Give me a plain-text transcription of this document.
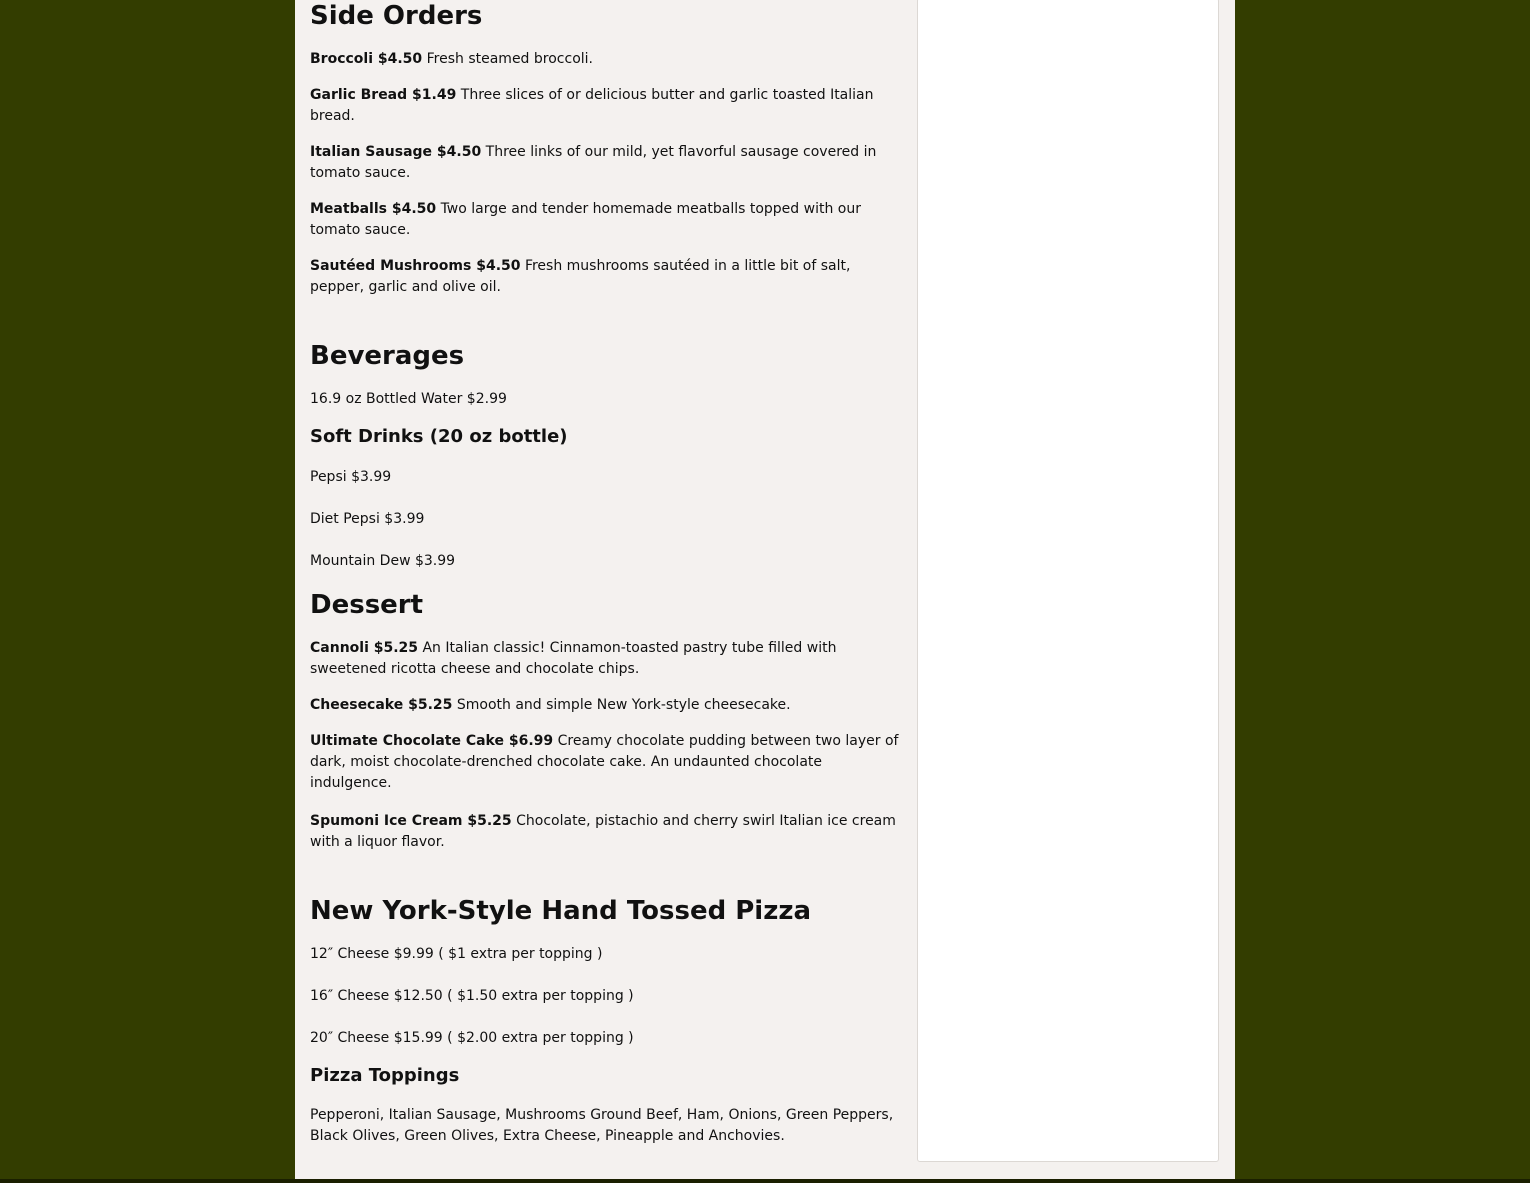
Side Orders

Broccoli $4.50 Fresh steamed broccoli.

Garlic Bread $1.49 Three slices of or delicious butter and garlic toasted Italian bread.

Italian Sausage $4.50 Three links of our mild, yet flavorful sausage covered in tomato sauce.

Meatballs $4.50 Two large and tender homemade meatballs topped with our tomato sauce.

Sautéed Mushrooms $4.50 Fresh mushrooms sautéed in a little bit of salt, pepper, garlic and olive oil.

Beverages

16.9 oz Bottled Water $2.99

Soft Drinks (20 oz bottle)

Pepsi $3.99

Diet Pepsi $3.99

Mountain Dew $3.99

Dessert

Cannoli $5.25 An Italian classic! Cinnamon-toasted pastry tube filled with sweetened ricotta cheese and chocolate chips.

Cheesecake $5.25 Smooth and simple New York-style cheesecake.

Ultimate Chocolate Cake $6.99 Creamy chocolate pudding between two layer of dark, moist chocolate-drenched chocolate cake. An undaunted chocolate indulgence.

Spumoni Ice Cream $5.25 Chocolate, pistachio and cherry swirl Italian ice cream with a liquor flavor.

New York-Style Hand Tossed Pizza

12″ Cheese $9.99 ( $1 extra per topping )

16″ Cheese $12.50 ( $1.50 extra per topping )

20″ Cheese $15.99 ( $2.00 extra per topping )

Pizza Toppings

Pepperoni, Italian Sausage, Mushrooms Ground Beef, Ham, Onions, Green Peppers, Black Olives, Green Olives, Extra Cheese, Pineapple and Anchovies.
